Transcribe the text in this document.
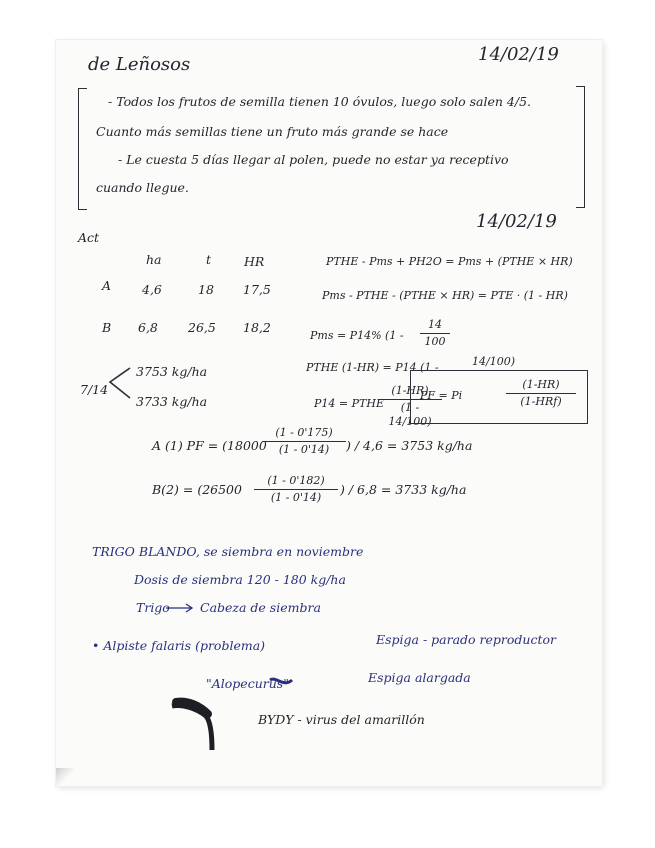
de Leñosos	14/02/19
- Todos los frutos de semilla tienen 10 óvulos, luego solo salen 4/5.
Cuanto más semillas tiene un fruto más grande se hace
- Le cuesta 5 días llegar al polen, puede no estar ya receptivo
cuando llegue.
14/02/19
Act
ha	t	HR
A 4,6	18 17,5
B 6,8 26,5 18,2
PTHE - Pms + PH2O = Pms + (PTHE × HR)
Pms - PTHE - (PTHE × HR) = PTE · (1 - HR)
Pms = P14% (1 -
14
100
PTHE (1-HR) = P14 (1 -	14/100)
P14 = PTHE
(1-HR)
(1 - 14/100)
PF = Pi
(1-HR)
(1-HRf)
7/14
3753 kg/ha
3733 kg/ha
A (1) PF = (18000
(1 - 0'175)
(1 - 0'14)	) / 4,6 = 3753 kg/ha
B(2) = (26500
(1 - 0'182)
(1 - 0'14)
) / 6,8 = 3733 kg/ha
TRIGO BLANDO, se siembra en noviembre
Dosis de siembra 120 - 180 kg/ha
Trigo Cabeza de siembra
• Alpiste falaris (problema)	Espiga - parado reproductor
"Alopecurus"	Espiga alargada
BYDY - virus del amarillón
